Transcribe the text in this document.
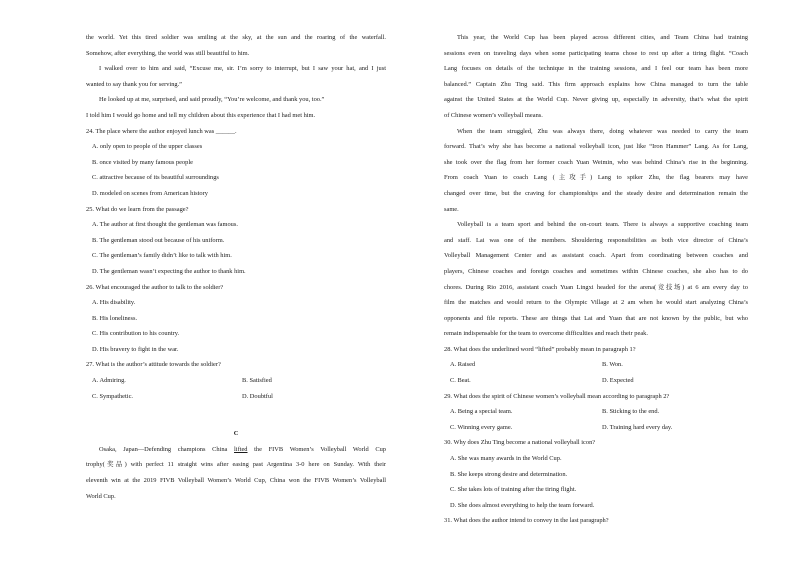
the world. Yet this tired soldier was smiling at the sky, at the sun and the roaring of the waterfall.
Somehow, after everything, the world was still beautiful to him.
I walked over to him and said, “Excuse me, sir. I’m sorry to interrupt, but I saw your hat, and I just
wanted to say thank you for serving.”
He looked up at me, surprised, and said proudly, “You’re welcome, and thank you, too.”
I told him I would go home and tell my children about this experience that I had met him.
24. The place where the author enjoyed lunch was ______.
A. only open to people of the upper classes
B. once visited by many famous people
C. attractive because of its beautiful surroundings
D. modeled on scenes from American history
25. What do we learn from the passage?
A. The author at first thought the gentleman was famous.
B. The gentleman stood out because of his uniform.
C. The gentleman’s family didn’t like to talk with him.
D. The gentleman wasn’t expecting the author to thank him.
26. What encouraged the author to talk to the soldier?
A. His disability.
B. His loneliness.
C. His contribution to his country.
D. His bravery to fight in the war.
27. What is the author’s attitude towards the soldier?
A. Admiring.	B. Satisfied
C. Sympathetic.	D. Doubtful
C
Osaka, Japan—Defending champions China lifted the FIVB Women’s Volleyball World Cup
trophy(奖品) with perfect 11 straight wins after easing past Argentina 3-0 here on Sunday. With their
eleventh win at the 2019 FIVB Volleyball Women’s World Cup, China won the FIVB Women’s Volleyball
World Cup.
This year, the World Cup has been played across different cities, and Team China had training
sessions even on traveling days when some participating teams chose to rest up after a tiring flight. “Coach
Lang focuses on details of the technique in the training sessions, and I feel our team has been more
balanced.” Captain Zhu Ting said. This firm approach explains how China managed to turn the table
against the United States at the World Cup. Never giving up, especially in adversity, that’s what the spirit
of Chinese women’s volleyball means.
When the team struggled, Zhu was always there, doing whatever was needed to carry the team
forward. That’s why she has become a national volleyball icon, just like “Iron Hammer” Lang. As for Lang,
she took over the flag from her former coach Yuan Weimin, who was behind China’s rise in the beginning.
From coach Yuan to coach Lang (主攻手) Lang to spiker Zhu, the flag bearers may have
changed over time, but the craving for championships and the steady desire and determination remain the
same.
Volleyball is a team sport and behind the on-court team. There is always a supportive coaching team
and staff. Lai was one of the members. Shouldering responsibilities as both vice director of China’s
Volleyball Management Center and as assistant coach. Apart from coordinating between coaches and
players, Chinese coaches and foreign coaches and sometimes within Chinese coaches, she also has to do
chores. During Rio 2016, assistant coach Yuan Lingxi headed for the arena(竞技场) at 6 am every day to
film the matches and would return to the Olympic Village at 2 am when he would start analyzing China’s
opponents and file reports. These are things that Lai and Yuan that are not known by the public, but who
remain indispensable for the team to overcome difficulties and reach their peak.
28. What does the underlined word “lifted” probably mean in paragraph 1?
A. Raised	B. Won.
C. Beat.	D. Expected
29. What does the spirit of Chinese women’s volleyball mean according to paragraph 2?
A. Being a special team.	B. Sticking to the end.
C. Winning every game.	D. Training hard every day.
30. Why does Zhu Ting become a national volleyball icon?
A. She was many awards in the World Cup.
B. She keeps strong desire and determination.
C. She takes lots of training after the tiring flight.
D. She does almost everything to help the team forward.
31. What does the author intend to convey in the last paragraph?
